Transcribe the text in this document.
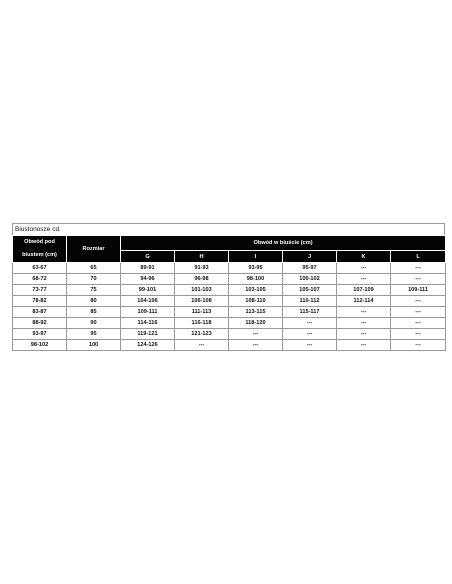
Biustonosze cd.
Obwód pod biustem (cm)	Rozmiar	Obwód w biuście (cm)					
		G	H	I	J	K	L
63-67	65	89-91	91-93	93-95	95-97	---	---
68-72	70	94-96	96-98	98-100	100-102	---	---
73-77	75	99-101	101-103	103-105	105-107	107-109	109-111
78-82	80	104-106	106-108	108-110	110-112	112-114	---
83-87	85	109-111	111-113	113-115	115-117	---	---
88-92	90	114-116	116-118	118-120	---	---	---
93-97	95	119-121	121-123	---	---	---	---
98-102	100	124-126	---	---	---	---	---
